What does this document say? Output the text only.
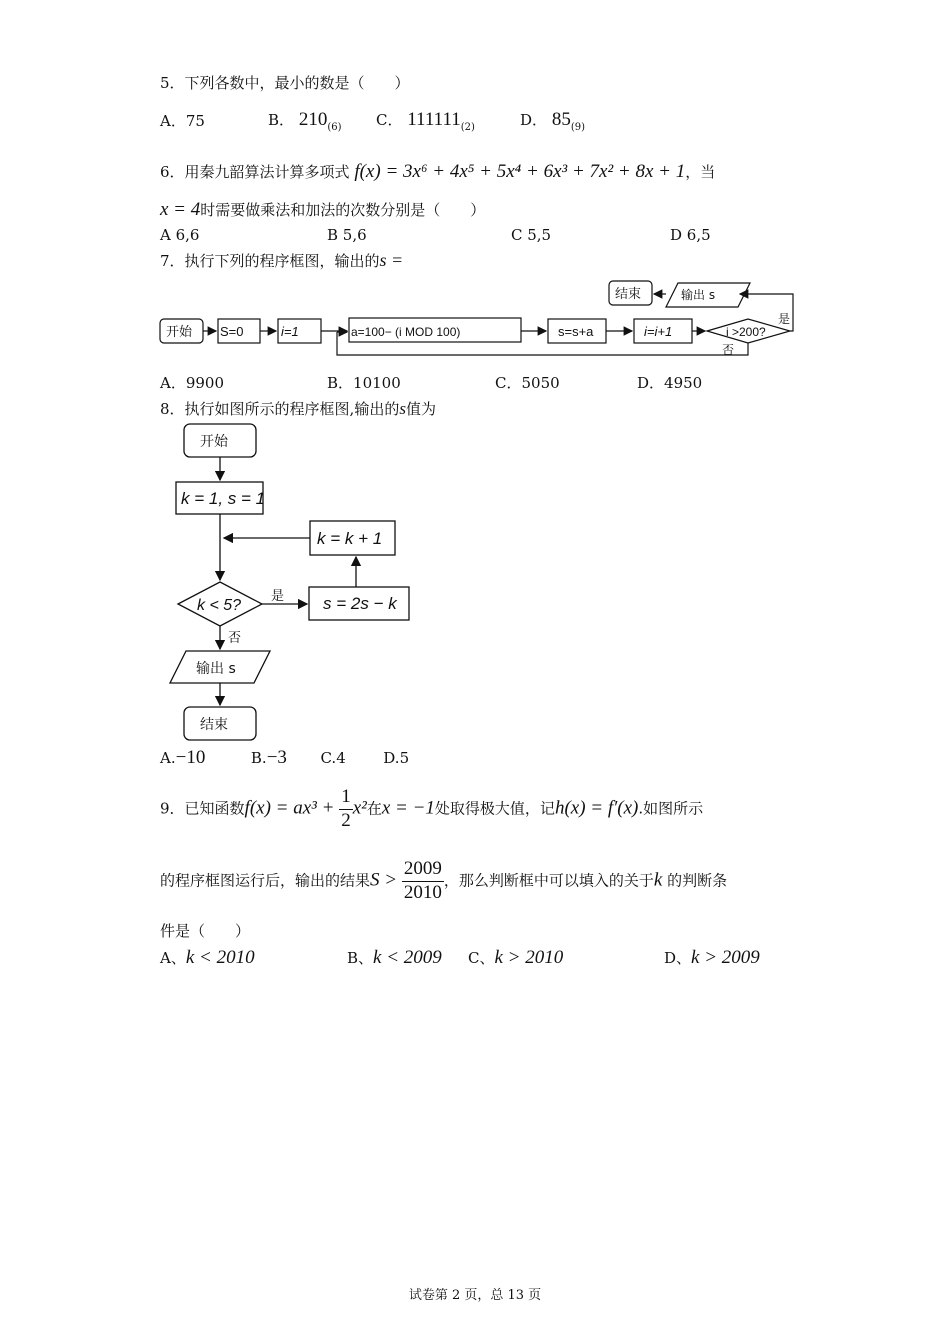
5．下列各数中，最小的数是（　　）
A．75	B． $210_{(6)}$ C． $111111_{(2)}$	D． $85_{(9)}$
6．用秦九韶算法计算多项式 f(x) = 3x⁶ + 4x⁵ + 5x⁴ + 6x³ + 7x² + 8x + 1，当
x = 4时需要做乘法和加法的次数分别是（　　）
A 6,6	B 5,6	C 5,5	D 6,5
7．执行下列的程序框图，输出的s =
开始 S=0	i=1	a=100− (i MOD 100)	s=s+a	i=i+1	i >200?
是
否
输出 s
结束
A．9900	B．10100	C．5050	D．4950
8．执行如图所示的程序框图,输出的s值为
开始
k = 1, s = 1
k = k + 1
k < 5?	s = 2s − k
是
否
输出 s
结束
A.−10	B.−3 C.4	D.5
9．已知函数$f(x) = ax^3 + \frac{1}{2} x^2$在x = −1处取得极大值，记h(x) = f′(x).如图所示
的程序框图运行后，输出的结果$S > \frac{2009}{2010}$ ，那么判断框中可以填入的关于k 的判断条
件是（　　）
A、k < 2010	B、k < 2009 C、k > 2010	D、k > 2009
试卷第 2 页，总 13 页
